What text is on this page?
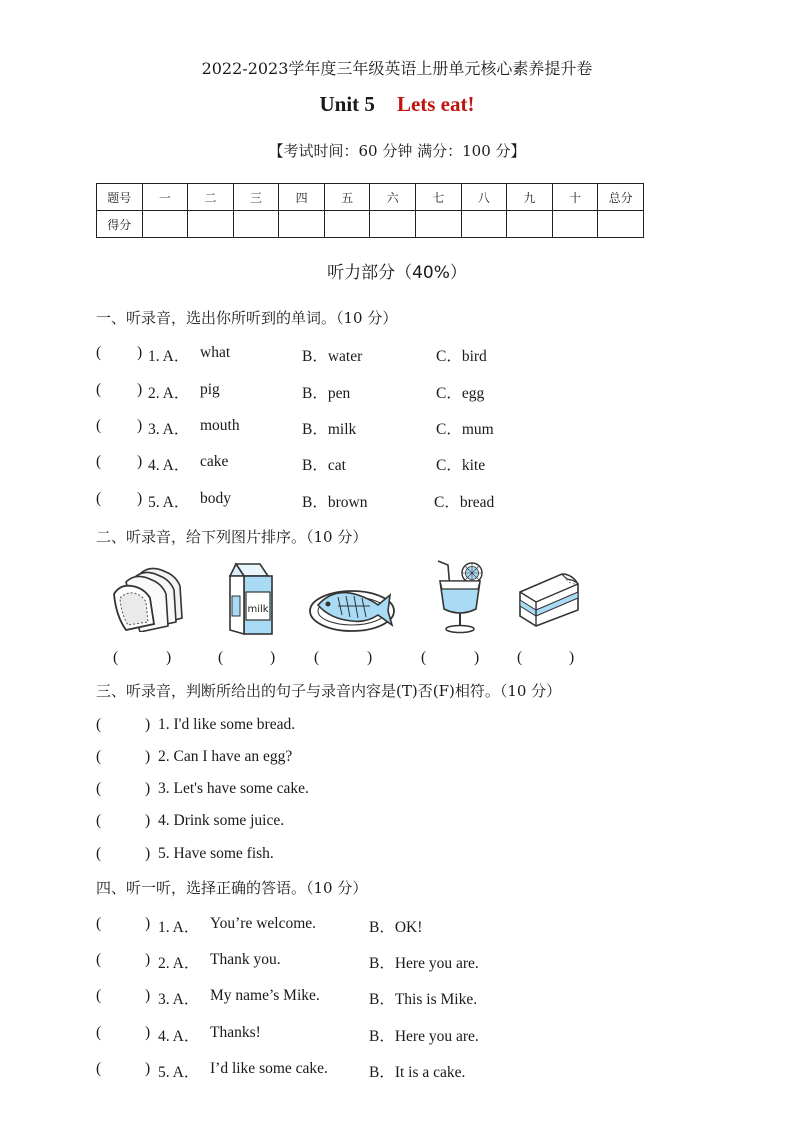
2022-2023学年度三年级英语上册单元核心素养提升卷
Unit 5 Lets eat!
【考试时间：60 分钟 满分：100 分】
题号	一	二	三	四	五	六	七	八	九	十	总分
得分											
听力部分（40%）
一、听录音，选出你所听到的单词。（10 分）
( ) 1. A． what	B．water	C．bird
( ) 2. A． pig	B．pen	C．egg
( ) 3. A． mouth	B．milk	C．mum
( ) 4. A． cake	B．cat	C．kite
( ) 5. A． body	B．brown	C．bread
二、听录音，给下列图片排序。（10 分）
milk
(	)	(	)	(	)	(	) (	)
三、听录音，判断所给出的句子与录音内容是(T)否(F)相符。（10 分）
(	) 1. I'd like some bread.
(	) 2. Can I have an egg?
(	) 3. Let's have some cake.
(	) 4. Drink some juice.
(	) 5. Have some fish.
四、听一听，选择正确的答语。（10 分）
(	) 1. A． You’re welcome.	B．OK!
(	) 2. A． Thank you.	B．Here you are.
(	) 3. A． My name’s Mike.	B．This is Mike.
(	) 4. A． Thanks!	B．Here you are.
(	) 5. A． I’d like some cake.	B．It is a cake.
